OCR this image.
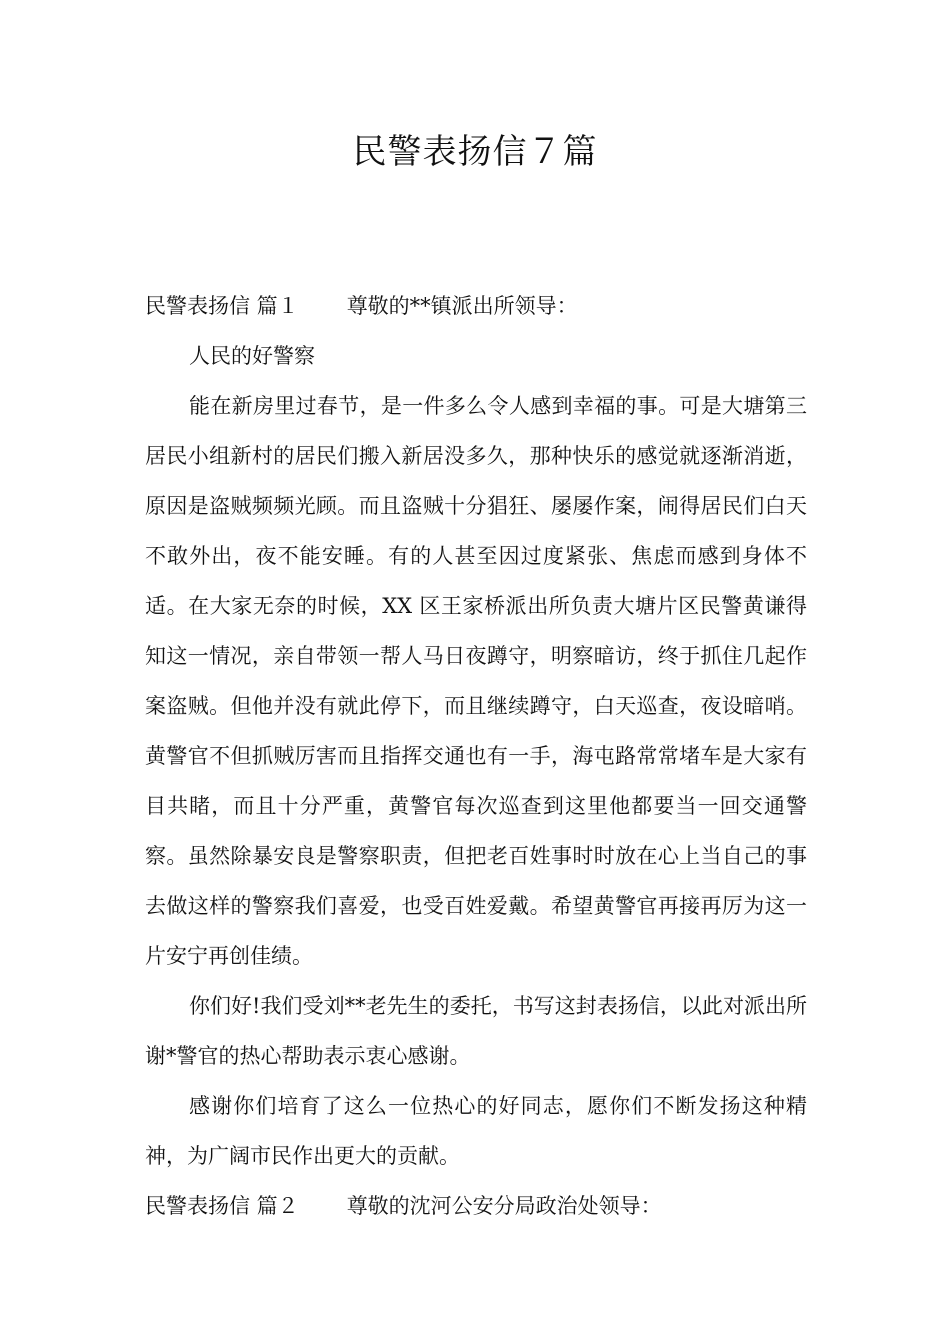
民警表扬信７篇

民警表扬信 篇１ 尊敬的**镇派出所领导：

人民的好警察

能在新房里过春节，是一件多么令人感到幸福的事。可是大塘第三居民小组新村的居民们搬入新居没多久，那种快乐的感觉就逐渐消逝，原因是盗贼频频光顾。而且盗贼十分猖狂、屡屡作案，闹得居民们白天不敢外出，夜不能安睡。有的人甚至因过度紧张、焦虑而感到身体不适。在大家无奈的时候，XX 区王家桥派出所负责大塘片区民警黄谦得知这一情况，亲自带领一帮人马日夜蹲守，明察暗访，终于抓住几起作案盗贼。但他并没有就此停下，而且继续蹲守，白天巡查，夜设暗哨。黄警官不但抓贼厉害而且指挥交通也有一手，海屯路常常堵车是大家有目共睹，而且十分严重，黄警官每次巡查到这里他都要当一回交通警察。虽然除暴安良是警察职责，但把老百姓事时时放在心上当自己的事去做这样的警察我们喜爱，也受百姓爱戴。希望黄警官再接再厉为这一片安宁再创佳绩。

你们好!我们受刘**老先生的委托，书写这封表扬信，以此对派出所谢*警官的热心帮助表示衷心感谢。

感谢你们培育了这么一位热心的好同志，愿你们不断发扬这种精神，为广阔市民作出更大的贡献。

民警表扬信 篇２ 尊敬的沈河公安分局政治处领导：
